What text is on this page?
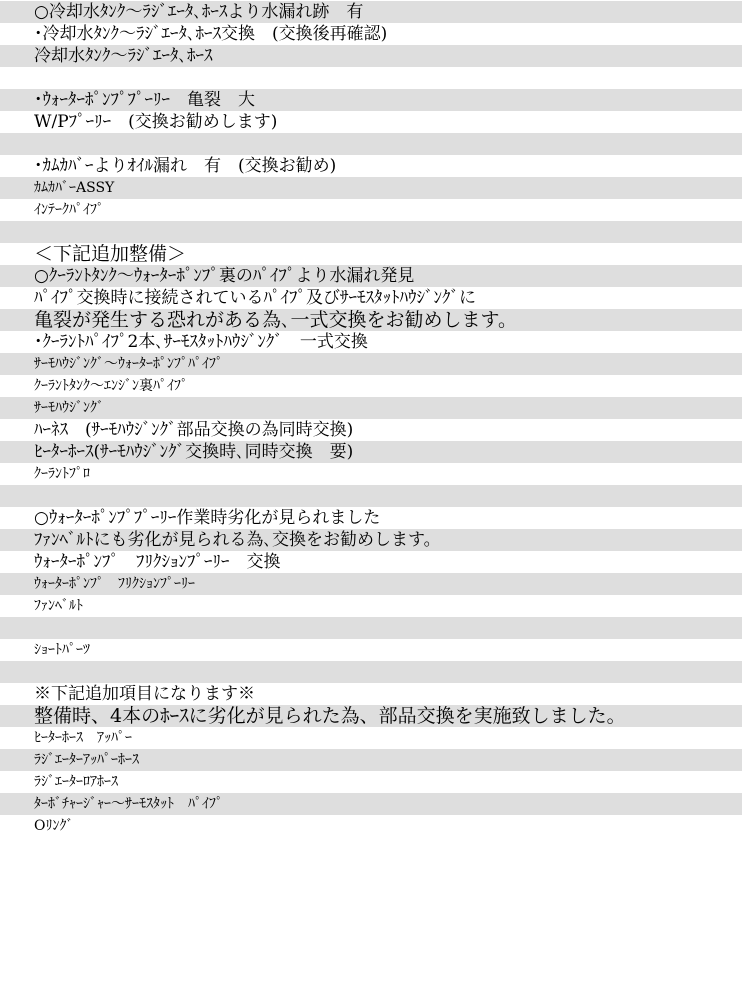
○冷却水ﾀﾝｸ〜ﾗｼﾞｴｰﾀ､ﾎｰｽより水漏れ跡　有
･冷却水ﾀﾝｸ〜ﾗｼﾞｴｰﾀ､ﾎｰｽ交換　(交換後再確認)
冷却水ﾀﾝｸ〜ﾗｼﾞｴｰﾀ､ﾎｰｽ
･ｳｫｰﾀｰﾎﾟﾝﾌﾟﾌﾟｰﾘｰ　亀裂　大
W/Pﾌﾟｰﾘｰ　(交換お勧めします)
･ｶﾑｶﾊﾞｰよりｵｲﾙ漏れ　有　(交換お勧め)
ｶﾑｶﾊﾞｰASSY
ｲﾝﾃｰｸﾊﾟｲﾌﾟ
＜下記追加整備＞
○ｸｰﾗﾝﾄﾀﾝｸ〜ｳｫｰﾀｰﾎﾟﾝﾌﾟ裏のﾊﾟｲﾌﾟより水漏れ発見
ﾊﾟｲﾌﾟ交換時に接続されているﾊﾟｲﾌﾟ及びｻｰﾓｽﾀｯﾄﾊｳｼﾞﾝｸﾞに
亀裂が発生する恐れがある為､一式交換をお勧めします。
･ｸｰﾗﾝﾄﾊﾟｲﾌﾟ2本､ｻｰﾓｽﾀｯﾄﾊｳｼﾞﾝｸﾞ　一式交換
ｻｰﾓﾊｳｼﾞﾝｸﾞ〜ｳｫｰﾀｰﾎﾟﾝﾌﾟﾊﾟｲﾌﾟ
ｸｰﾗﾝﾄﾀﾝｸ〜ｴﾝｼﾞﾝ裏ﾊﾟｲﾌﾟ
ｻｰﾓﾊｳｼﾞﾝｸﾞ
ﾊｰﾈｽ　(ｻｰﾓﾊｳｼﾞﾝｸﾞ部品交換の為同時交換)
ﾋｰﾀｰﾎｰｽ(ｻｰﾓﾊｳｼﾞﾝｸﾞ交換時､同時交換　要)
ｸｰﾗﾝﾄﾌﾟﾛ
○ｳｫｰﾀｰﾎﾟﾝﾌﾟﾌﾟｰﾘｰ作業時劣化が見られました
ﾌｧﾝﾍﾞﾙﾄにも劣化が見られる為､交換をお勧めします。
ｳｫｰﾀｰﾎﾟﾝﾌﾟ　ﾌﾘｸｼｮﾝﾌﾟｰﾘｰ　交換
ｳｫｰﾀｰﾎﾟﾝﾌﾟ　ﾌﾘｸｼｮﾝﾌﾟｰﾘｰ
ﾌｧﾝﾍﾞﾙﾄ
ｼｮｰﾄﾊﾟｰﾂ
※下記追加項目になります※
整備時、4本のﾎｰｽに劣化が見られた為、部品交換を実施致しました。
ﾋｰﾀｰﾎｰｽ　ｱｯﾊﾟｰ
ﾗｼﾞｴｰﾀｰｱｯﾊﾟｰﾎｰｽ
ﾗｼﾞｴｰﾀｰﾛｱﾎｰｽ
ﾀｰﾎﾞﾁｬｰｼﾞｬｰ〜ｻｰﾓｽﾀｯﾄ　ﾊﾟｲﾌﾟ
Oﾘﾝｸﾞ
